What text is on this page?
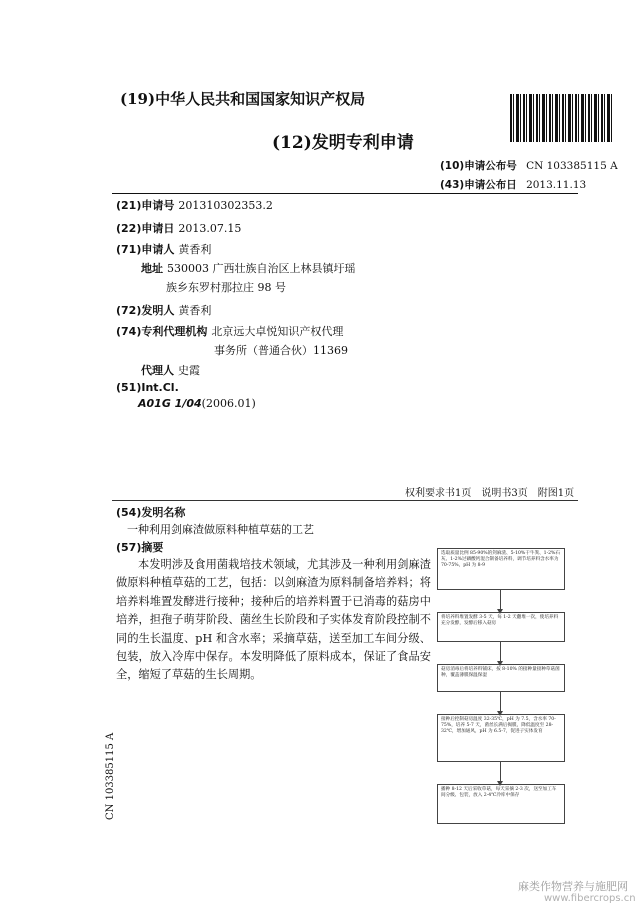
(19)中华人民共和国国家知识产权局
(12)发明专利申请
(10)申请公布号 CN 103385115 A
(43)申请公布日 2013.11.13
(21)申请号 201310302353.2
(22)申请日 2013.07.15
(71)申请人 黄香利
地址 530003 广西壮族自治区上林县镇圩瑶
族乡东罗村那拉庄 98 号
(72)发明人 黄香利
(74)专利代理机构 北京远大卓悦知识产权代理
事务所（普通合伙）11369
代理人 史霞
(51)Int.Cl.
A01G 1/04(2006.01)
权利要求书1页　说明书3页　附图1页
(54)发明名称
一种利用剑麻渣做原料种植草菇的工艺
(57)摘要
本发明涉及食用菌栽培技术领域，尤其涉及一种利用剑麻渣做原料种植草菇的工艺，包括：以剑麻渣为原料制备培养料；将培养料堆置发酵进行接种；接种后的培养料置于已消毒的菇房中培养，担孢子萌芽阶段、菌丝生长阶段和子实体发育阶段控制不同的生长温度、pH 和含水率；采摘草菇，送至加工车间分级、包装，放入冷库中保存。本发明降低了原料成本，保证了食品安全，缩短了草菇的生长周期。
选取质量比例 85-90%的剑麻渣、5-10%干牛粪、1-2%石灰、1-2%过磷酸钙混合制备培养料，调节培养料含水率为 70-75%，pH 为 8-9
将培养料堆置发酵 3-5 天，每 1-2 天翻堆一次，使培养料充分发酵，发酵后移入菇房
菇房消毒后将培养料铺床，按 8-10% 的接种量接种草菇菌种，覆盖薄膜保温保湿
接种后控制菇房温度 32-35℃，pH 为 7.5，含水率 70-75%，培养 5-7 天，菌丝长满后揭膜，降低温度至 28-32℃，增加通风，pH 为 6.5-7，促进子实体发育
播种 8-12 天后采收草菇，每天采摘 2-3 次，送至加工车间分级、包装，放入 2-4℃冷库中保存
CN 103385115 A
麻类作物营养与施肥网
www.fibercrops.cn
